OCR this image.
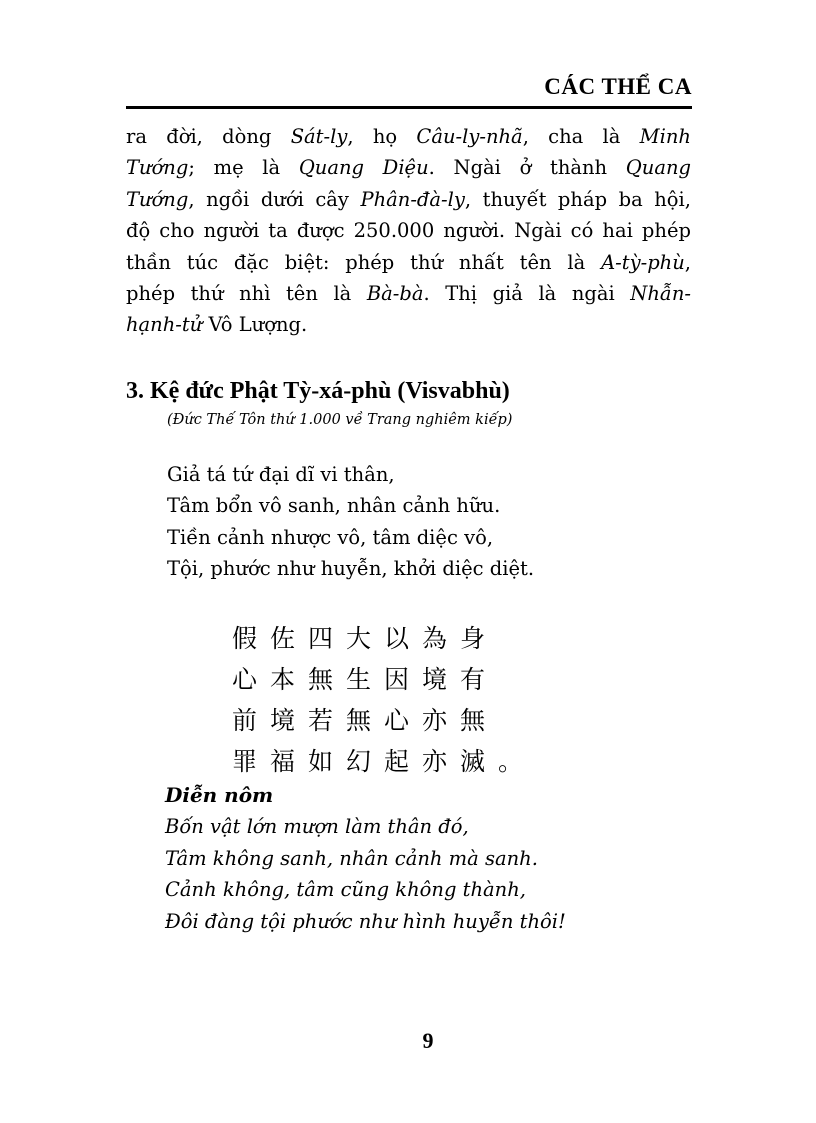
CÁC THỂ CA
ra đời, dòng Sát-ly, họ Câu-ly-nhã, cha là Minh
Tướng; mẹ là Quang Diệu. Ngài ở thành Quang
Tướng, ngồi dưới cây Phân-đà-ly, thuyết pháp ba hội,
độ cho người ta được 250.000 người. Ngài có hai phép
thần túc đặc biệt: phép thứ nhất tên là A-tỳ-phù,
phép thứ nhì tên là Bà-bà. Thị giả là ngài Nhẫn-
hạnh-tử Vô Lượng.
3. Kệ đức Phật Tỳ-xá-phù (Visvabhù)
(Đức Thế Tôn thứ 1.000 về Trang nghiêm kiếp)
Giả tá tứ đại dĩ vi thân,
Tâm bổn vô sanh, nhân cảnh hữu.
Tiền cảnh nhược vô, tâm diệc vô,
Tội, phước như huyễn, khởi diệc diệt.
假佐四大以為身
心本無生因境有
前境若無心亦無
罪福如幻起亦滅。
Diễn nôm
Bốn vật lớn mượn làm thân đó,
Tâm không sanh, nhân cảnh mà sanh.
Cảnh không, tâm cũng không thành,
Đôi đàng tội phước như hình huyễn thôi!
9
